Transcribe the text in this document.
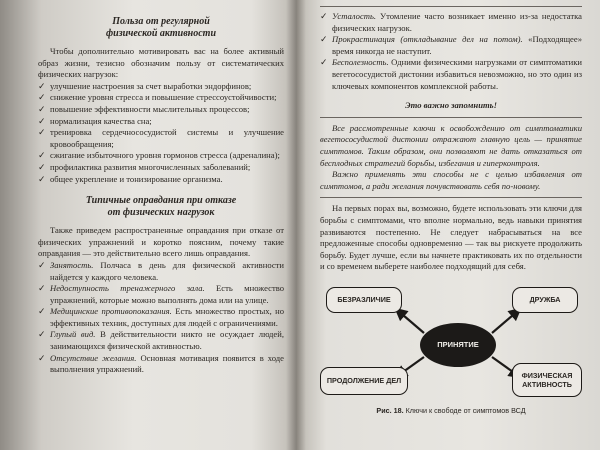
Польза от регулярной
физической активности

Чтобы дополнительно мотивировать вас на более активный образ жизни, тезисно обозначим пользу от систематических физических нагрузок:

✓ улучшение настроения за счет выработки эндорфинов;
✓ снижение уровня стресса и повышение стрессоустойчивости;
✓ повышение эффективности мыслительных процессов;
✓ нормализация качества сна;
✓ тренировка сердечнососудистой системы и улучшение кровообращения;
✓ сжигание избыточного уровня гормонов стресса (адреналина);
✓ профилактика развития многочисленных заболеваний;
✓ общее укрепление и тонизирование организма.
Типичные оправдания при отказе
от физических нагрузок

Также приведем распространенные оправдания при отказе от физических упражнений и коротко поясним, почему такие оправдания — это действительно всего лишь оправдания.

✓ Занятость. Полчаса в день для физической активности найдется у каждого человека.
✓ Недоступность тренажерного зала. Есть множество упражнений, которые можно выполнять дома или на улице.
✓ Медицинские противопоказания. Есть множество простых, но эффективных техник, доступных для людей с ограничениями.
✓ Глупый вид. В действительности никто не осуждает людей, занимающихся физической активностью.
✓ Отсутствие желания. Основная мотивация появится в ходе выполнения упражнений.
✓ Усталость. Утомление часто возникает именно из-за недостатка физических нагрузок.
✓ Прокрастинация (откладывание дел на потом). «Подходящее» время никогда не наступит.
✓ Бесполезность. Одними физическими нагрузками от симптоматики вегетососудистой дистонии избавиться невозможно, но это один из ключевых компонентов комплексной работы.
Это важно запомнить!

Все рассмотренные ключи к освобождению от симптоматики вегетососудистой дистонии отражают главную цель — принятие симптомов. Таким образом, они позволяют не дать отказаться от бесплодных стратегий борьбы, избегания и гиперконтроля.

Важно применять эти способы не с целью избавления от симптомов, а ради желания почувствовать себя по-новому.

На первых порах вы, возможно, будете использовать эти ключи для борьбы с симптомами, что вполне нормально, ведь навыки принятия развиваются постепенно. Не следует набрасываться на все предложенные способы одновременно — так вы рискуете продолжить борьбу. Будет лучше, если вы начнете практиковать их по отдельности и со временем выберете наиболее подходящий для себя.

БЕЗРАЗЛИЧИЕ	ДРУЖБА
ПРОДОЛЖЕНИЕ ДЕЛ
ФИЗИЧЕСКАЯ АКТИВНОСТЬ
ПРИНЯТИЕ
Рис. 18. Ключи к свободе от симптомов ВСД
